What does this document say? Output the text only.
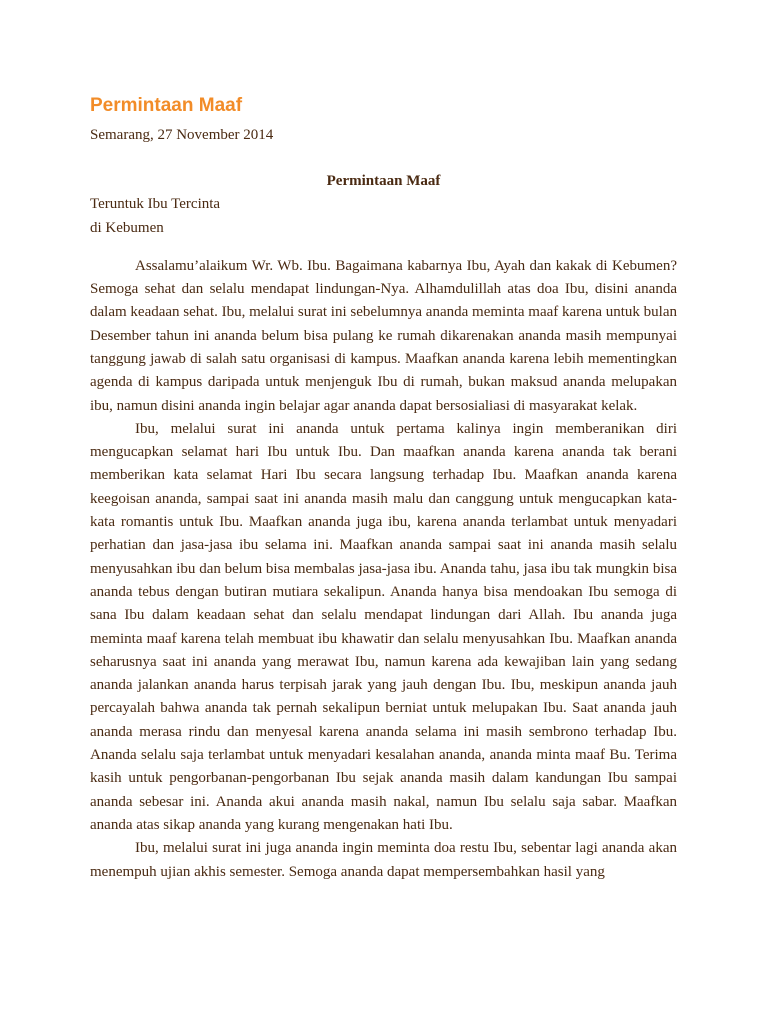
Permintaan Maaf

Semarang, 27 November 2014

Permintaan Maaf

Teruntuk Ibu Tercinta

di Kebumen

Assalamu’alaikum Wr. Wb. Ibu. Bagaimana kabarnya Ibu, Ayah dan kakak di Kebumen? Semoga sehat dan selalu mendapat lindungan-Nya. Alhamdulillah atas doa Ibu, disini ananda dalam keadaan sehat. Ibu, melalui surat ini sebelumnya ananda meminta maaf karena untuk bulan Desember tahun ini ananda belum bisa pulang ke rumah dikarenakan ananda masih mempunyai tanggung jawab di salah satu organisasi di kampus. Maafkan ananda karena lebih mementingkan agenda di kampus daripada untuk menjenguk Ibu di rumah, bukan maksud ananda melupakan ibu, namun disini ananda ingin belajar agar ananda dapat bersosialiasi di masyarakat kelak.

Ibu, melalui surat ini ananda untuk pertama kalinya ingin memberanikan diri mengucapkan selamat hari Ibu untuk Ibu. Dan maafkan ananda karena ananda tak berani memberikan kata selamat Hari Ibu secara langsung terhadap Ibu. Maafkan ananda karena keegoisan ananda, sampai saat ini ananda masih malu dan canggung untuk mengucapkan kata-kata romantis untuk Ibu. Maafkan ananda juga ibu, karena ananda terlambat untuk menyadari perhatian dan jasa-jasa ibu selama ini. Maafkan ananda sampai saat ini ananda masih selalu menyusahkan ibu dan belum bisa membalas jasa-jasa ibu. Ananda tahu, jasa ibu tak mungkin bisa ananda tebus dengan butiran mutiara sekalipun. Ananda hanya bisa mendoakan Ibu semoga di sana Ibu dalam keadaan sehat dan selalu mendapat lindungan dari Allah. Ibu ananda juga meminta maaf karena telah membuat ibu khawatir dan selalu menyusahkan Ibu. Maafkan ananda seharusnya saat ini ananda yang merawat Ibu, namun karena ada kewajiban lain yang sedang ananda jalankan ananda harus terpisah jarak yang jauh dengan Ibu. Ibu, meskipun ananda jauh percayalah bahwa ananda tak pernah sekalipun berniat untuk melupakan Ibu. Saat ananda jauh ananda merasa rindu dan menyesal karena ananda selama ini masih sembrono terhadap Ibu. Ananda selalu saja terlambat untuk menyadari kesalahan ananda, ananda minta maaf Bu. Terima kasih untuk pengorbanan-pengorbanan Ibu sejak ananda masih dalam kandungan Ibu sampai ananda sebesar ini. Ananda akui ananda masih nakal, namun Ibu selalu saja sabar. Maafkan ananda atas sikap ananda yang kurang mengenakan hati Ibu.

Ibu, melalui surat ini juga ananda ingin meminta doa restu Ibu, sebentar lagi ananda akan menempuh ujian akhis semester. Semoga ananda dapat mempersembahkan hasil yang
